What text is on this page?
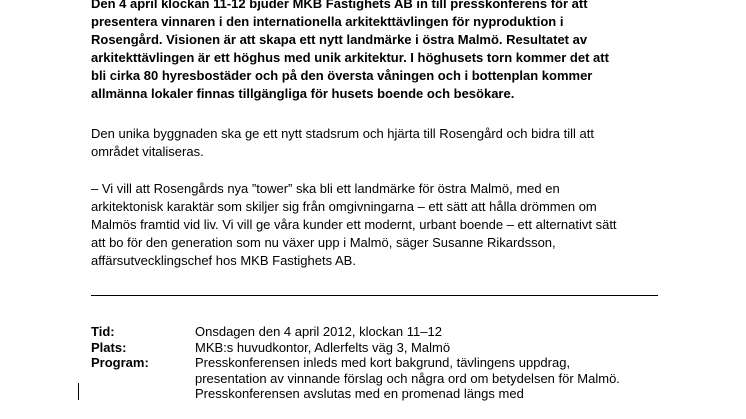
Den 4 april klockan 11-12 bjuder MKB Fastighets AB in till presskonferens för att
presentera vinnaren i den internationella arkitekttävlingen för nyproduktion i
Rosengård. Visionen är att skapa ett nytt landmärke i östra Malmö. Resultatet av
arkitekttävlingen är ett höghus med unik arkitektur. I höghusets torn kommer det att
bli cirka 80 hyresbostäder och på den översta våningen och i bottenplan kommer
allmänna lokaler finnas tillgängliga för husets boende och besökare.

Den unika byggnaden ska ge ett nytt stadsrum och hjärta till Rosengård och bidra till att
området vitaliseras.

– Vi vill att Rosengårds nya ”tower” ska bli ett landmärke för östra Malmö, med en
arkitektonisk karaktär som skiljer sig från omgivningarna – ett sätt att hålla drömmen om
Malmös framtid vid liv. Vi vill ge våra kunder ett modernt, urbant boende – ett alternativt sätt
att bo för den generation som nu växer upp i Malmö, säger Susanne Rikardsson,
affärsutvecklingschef hos MKB Fastighets AB.

Tid:	Onsdagen den 4 april 2012, klockan 11–12
Plats:	MKB:s huvudkontor, Adlerfelts väg 3, Malmö
Program:	Presskonferensen inleds med kort bakgrund, tävlingens uppdrag,
presentation av vinnande förslag och några ord om betydelsen för Malmö.
Presskonferensen avslutas med en promenad längs med
